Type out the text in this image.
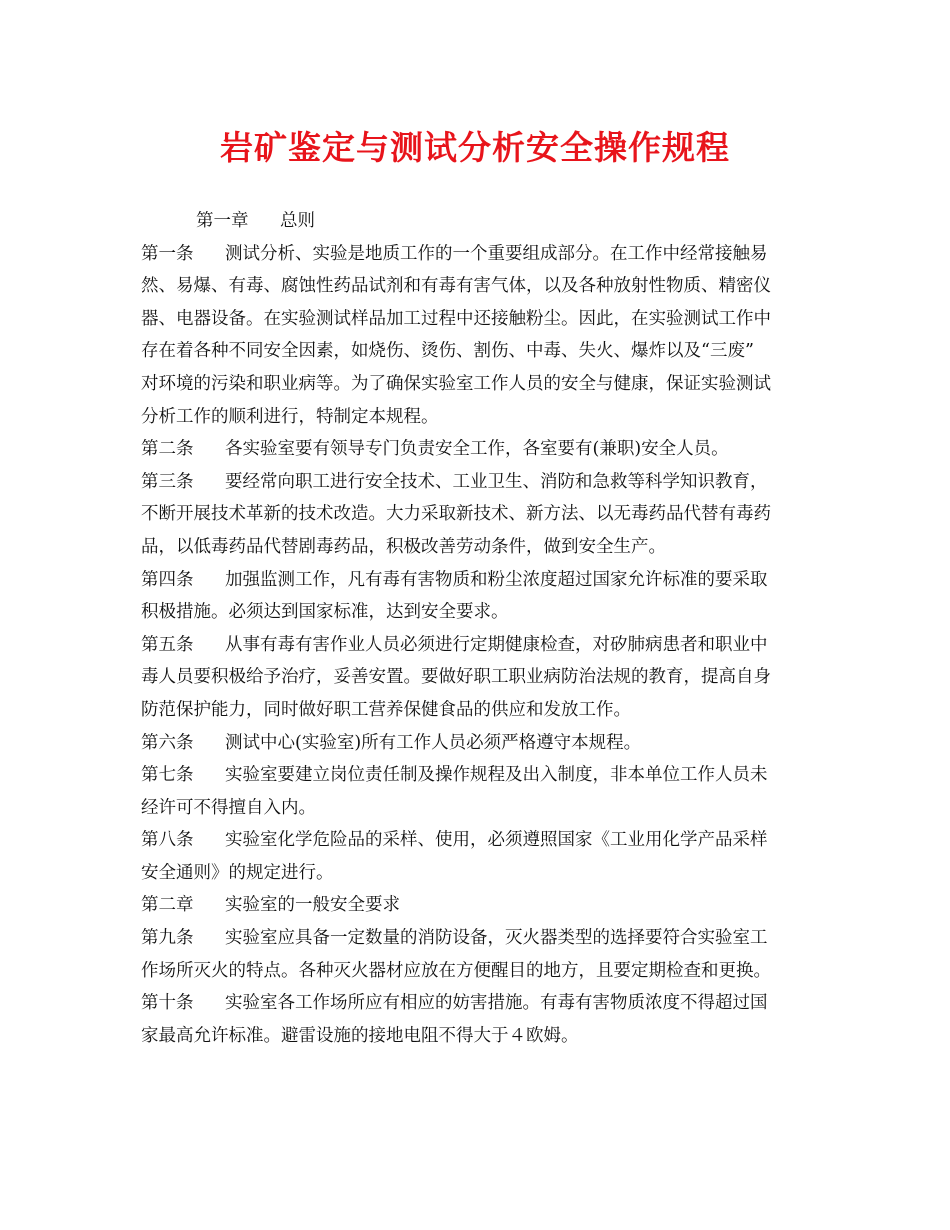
岩矿鉴定与测试分析安全操作规程

第一章 总则

第一条 测试分析、实验是地质工作的一个重要组成部分。在工作中经常接触易

然、易爆、有毒、腐蚀性药品试剂和有毒有害气体，以及各种放射性物质、精密仪

器、电器设备。在实验测试样品加工过程中还接触粉尘。因此，在实验测试工作中

存在着各种不同安全因素，如烧伤、烫伤、割伤、中毒、失火、爆炸以及“三废”

对环境的污染和职业病等。为了确保实验室工作人员的安全与健康，保证实验测试

分析工作的顺利进行，特制定本规程。

第二条 各实验室要有领导专门负责安全工作，各室要有(兼职)安全人员。

第三条 要经常向职工进行安全技术、工业卫生、消防和急救等科学知识教育，

不断开展技术革新的技术改造。大力采取新技术、新方法、以无毒药品代替有毒药

品，以低毒药品代替剧毒药品，积极改善劳动条件，做到安全生产。

第四条 加强监测工作，凡有毒有害物质和粉尘浓度超过国家允许标准的要采取

积极措施。必须达到国家标准，达到安全要求。

第五条 从事有毒有害作业人员必须进行定期健康检查，对矽肺病患者和职业中

毒人员要积极给予治疗，妥善安置。要做好职工职业病防治法规的教育，提高自身

防范保护能力，同时做好职工营养保健食品的供应和发放工作。

第六条 测试中心(实验室)所有工作人员必须严格遵守本规程。

第七条 实验室要建立岗位责任制及操作规程及出入制度，非本单位工作人员未

经许可不得擅自入内。

第八条 实验室化学危险品的采样、使用，必须遵照国家《工业用化学产品采样

安全通则》的规定进行。

第二章 实验室的一般安全要求

第九条 实验室应具备一定数量的消防设备，灭火器类型的选择要符合实验室工

作场所灭火的特点。各种灭火器材应放在方便醒目的地方，且要定期检查和更换。

第十条 实验室各工作场所应有相应的妨害措施。有毒有害物质浓度不得超过国

家最高允许标准。避雷设施的接地电阻不得大于４欧姆。
